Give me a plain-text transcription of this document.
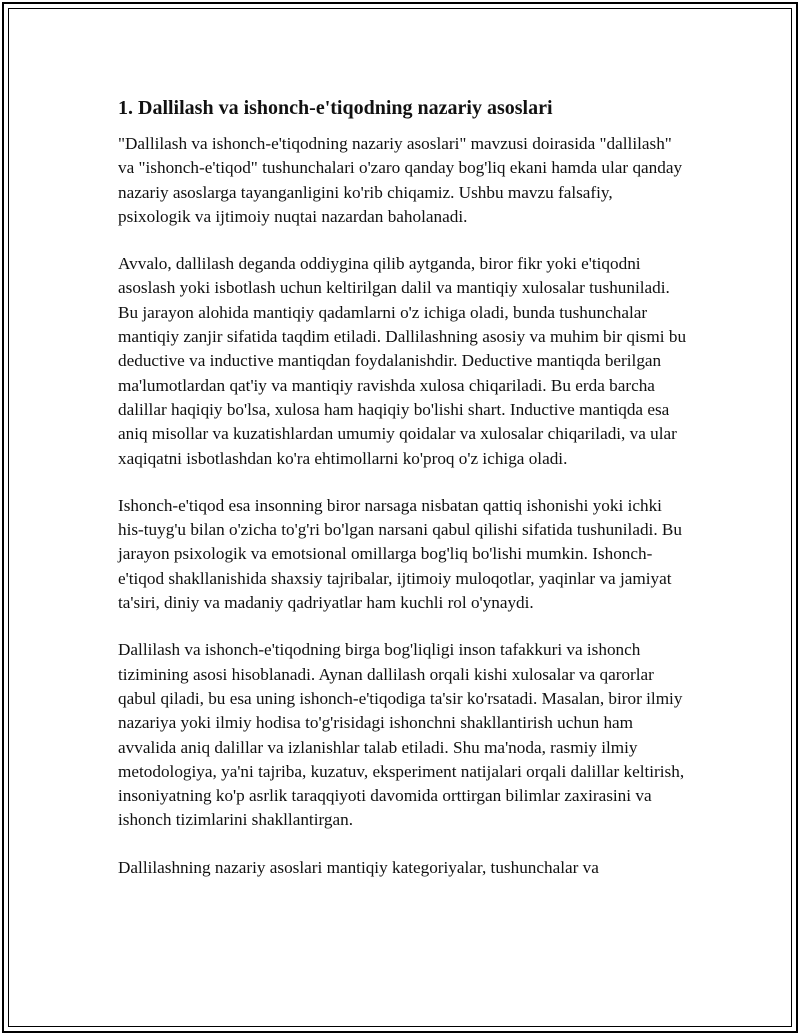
1. Dallilash va ishonch-e'tiqodning nazariy asoslari

"Dallilash va ishonch-e'tiqodning nazariy asoslari" mavzusi doirasida "dallilash" va "ishonch-e'tiqod" tushunchalari o'zaro qanday bog'liq ekani hamda ular qanday nazariy asoslarga tayanganligini ko'rib chiqamiz. Ushbu mavzu falsafiy, psixologik va ijtimoiy nuqtai nazardan baholanadi.

Avvalo, dallilash deganda oddiygina qilib aytganda, biror fikr yoki e'tiqodni asoslash yoki isbotlash uchun keltirilgan dalil va mantiqiy xulosalar tushuniladi. Bu jarayon alohida mantiqiy qadamlarni o'z ichiga oladi, bunda tushunchalar mantiqiy zanjir sifatida taqdim etiladi. Dallilashning asosiy va muhim bir qismi bu deductive va inductive mantiqdan foydalanishdir. Deductive mantiqda berilgan ma'lumotlardan qat'iy va mantiqiy ravishda xulosa chiqariladi. Bu erda barcha dalillar haqiqiy bo'lsa, xulosa ham haqiqiy bo'lishi shart. Inductive mantiqda esa aniq misollar va kuzatishlardan umumiy qoidalar va xulosalar chiqariladi, va ular xaqiqatni isbotlashdan ko'ra ehtimollarni ko'proq o'z ichiga oladi.

Ishonch-e'tiqod esa insonning biror narsaga nisbatan qattiq ishonishi yoki ichki his-tuyg'u bilan o'zicha to'g'ri bo'lgan narsani qabul qilishi sifatida tushuniladi. Bu jarayon psixologik va emotsional omillarga bog'liq bo'lishi mumkin. Ishonch-e'tiqod shakllanishida shaxsiy tajribalar, ijtimoiy muloqotlar, yaqinlar va jamiyat ta'siri, diniy va madaniy qadriyatlar ham kuchli rol o'ynaydi.

Dallilash va ishonch-e'tiqodning birga bog'liqligi inson tafakkuri va ishonch tizimining asosi hisoblanadi. Aynan dallilash orqali kishi xulosalar va qarorlar qabul qiladi, bu esa uning ishonch-e'tiqodiga ta'sir ko'rsatadi. Masalan, biror ilmiy nazariya yoki ilmiy hodisa to'g'risidagi ishonchni shakllantirish uchun ham avvalida aniq dalillar va izlanishlar talab etiladi. Shu ma'noda, rasmiy ilmiy metodologiya, ya'ni tajriba, kuzatuv, eksperiment natijalari orqali dalillar keltirish, insoniyatning ko'p asrlik taraqqiyoti davomida orttirgan bilimlar zaxirasini va ishonch tizimlarini shakllantirgan.

Dallilashning nazariy asoslari mantiqiy kategoriyalar, tushunchalar va
